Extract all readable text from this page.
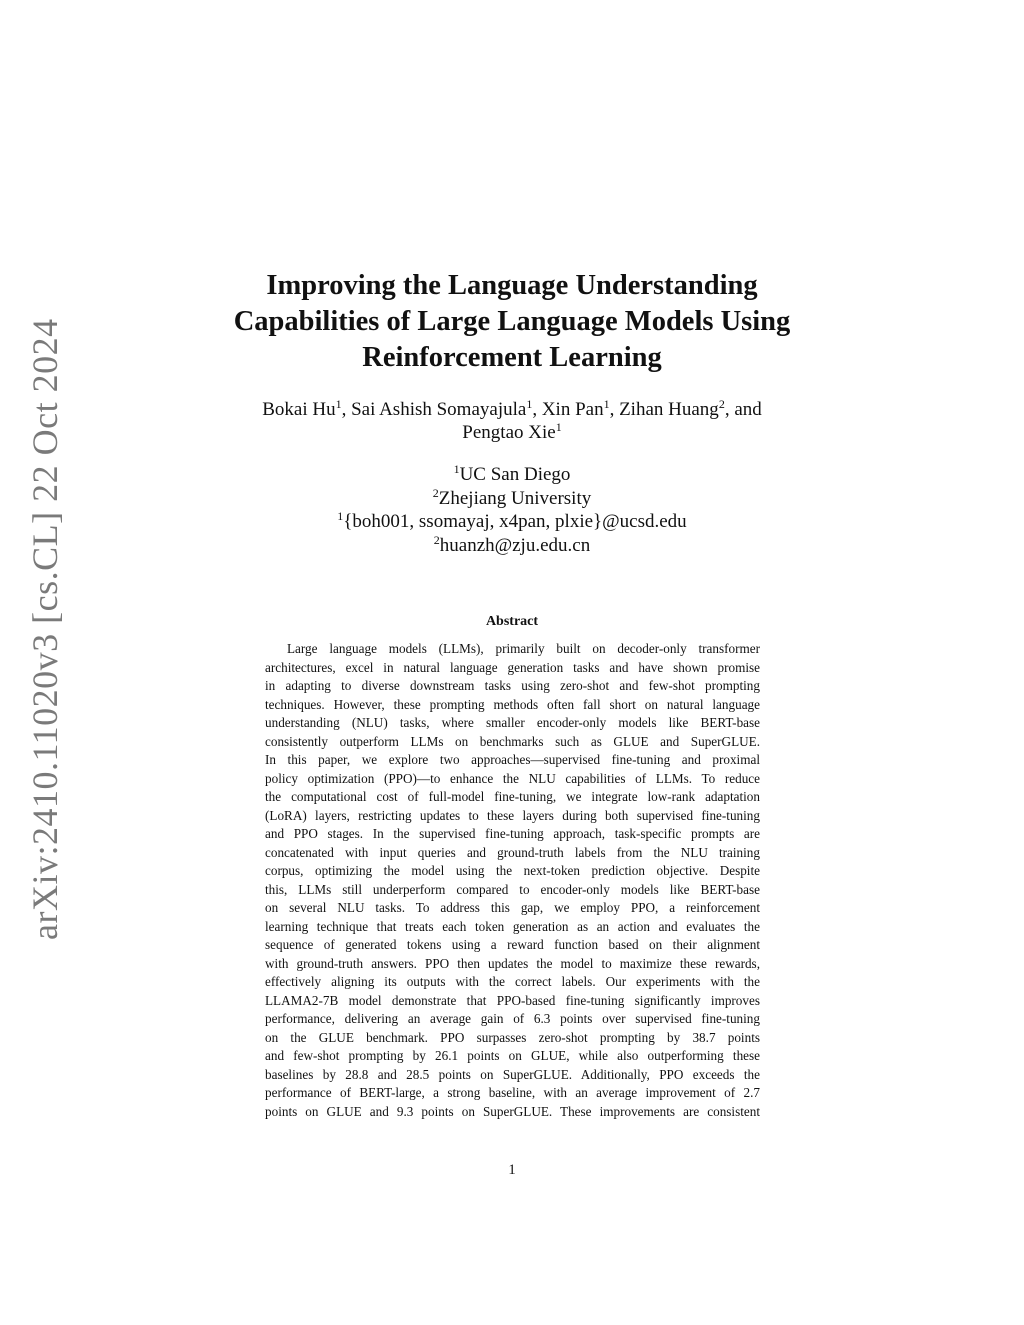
arXiv:2410.11020v3 [cs.CL] 22 Oct 2024
Improving the Language Understanding
Capabilities of Large Language Models Using
Reinforcement Learning
Bokai Hu$^1$, Sai Ashish Somayajula$^1$, Xin Pan$^1$, Zihan Huang$^2$, and
Pengtao Xie$^1$
$^1$UC San Diego
$^2$Zhejiang University
$^1${boh001, ssomayaj, x4pan, plxie}@ucsd.edu
$^2$huanzh@zju.edu.cn
Abstract
Large language models (LLMs), primarily built on decoder-only transformer
architectures, excel in natural language generation tasks and have shown promise
in adapting to diverse downstream tasks using zero-shot and few-shot prompting
techniques. However, these prompting methods often fall short on natural language
understanding (NLU) tasks, where smaller encoder-only models like BERT-base
consistently outperform LLMs on benchmarks such as GLUE and SuperGLUE.
In this paper, we explore two approaches—supervised fine-tuning and proximal
policy optimization (PPO)—to enhance the NLU capabilities of LLMs. To reduce
the computational cost of full-model fine-tuning, we integrate low-rank adaptation
(LoRA) layers, restricting updates to these layers during both supervised fine-tuning
and PPO stages. In the supervised fine-tuning approach, task-specific prompts are
concatenated with input queries and ground-truth labels from the NLU training
corpus, optimizing the model using the next-token prediction objective. Despite
this, LLMs still underperform compared to encoder-only models like BERT-base
on several NLU tasks. To address this gap, we employ PPO, a reinforcement
learning technique that treats each token generation as an action and evaluates the
sequence of generated tokens using a reward function based on their alignment
with ground-truth answers. PPO then updates the model to maximize these rewards,
effectively aligning its outputs with the correct labels. Our experiments with the
LLAMA2-7B model demonstrate that PPO-based fine-tuning significantly improves
performance, delivering an average gain of 6.3 points over supervised fine-tuning
on the GLUE benchmark. PPO surpasses zero-shot prompting by 38.7 points
and few-shot prompting by 26.1 points on GLUE, while also outperforming these
baselines by 28.8 and 28.5 points on SuperGLUE. Additionally, PPO exceeds the
performance of BERT-large, a strong baseline, with an average improvement of 2.7
points on GLUE and 9.3 points on SuperGLUE. These improvements are consistent
1
